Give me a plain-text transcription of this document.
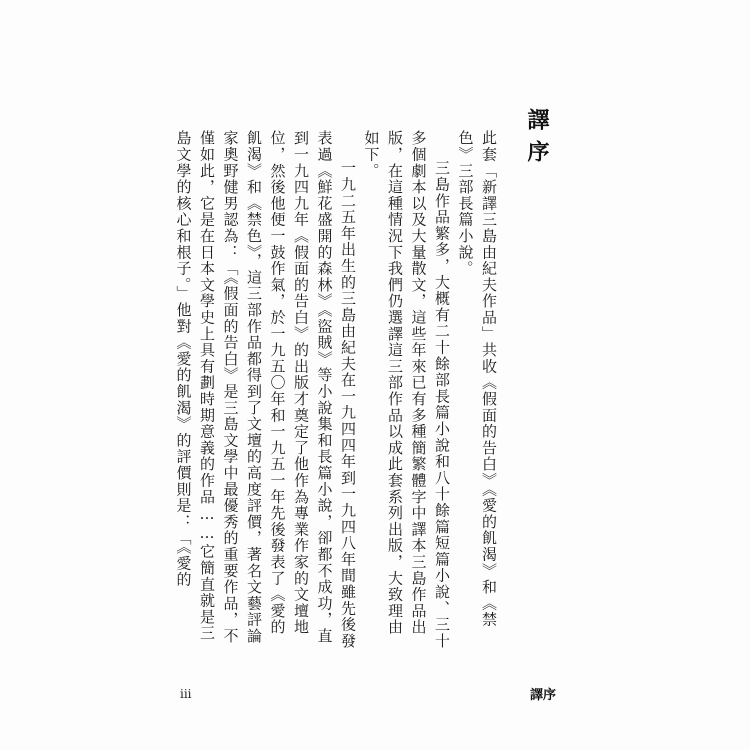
譯序

此套「新譯三島由紀夫作品」共收《假面的告白》《愛的飢渴》和《禁色》三部長篇小說。

三島作品繁多，大概有二十餘部長篇小說和八十餘篇短篇小說、三十多個劇本以及大量散文，這些年來已有多種簡繁體字中譯本三島作品出版，在這種情況下我們仍選譯這三部作品以成此套系列出版，大致理由如下。

一九二五年出生的三島由紀夫在一九四四年到一九四八年間雖先後發表過《鮮花盛開的森林》《盜賊》等小說集和長篇小說，卻都不成功，直到一九四九年《假面的告白》的出版才奠定了他作為專業作家的文壇地位，然後他便一鼓作氣，於一九五〇年和一九五一年先後發表了《愛的飢渴》和《禁色》，這三部作品都得到了文壇的高度評價，著名文藝評論家奧野健男認為：「《假面的告白》是三島文學中最優秀的重要作品，不僅如此，它是在日本文學史上具有劃時期意義的作品……它簡直就是三島文學的核心和根子。」他對《愛的飢渴》的評價則是：「《愛的

iii	譯序
